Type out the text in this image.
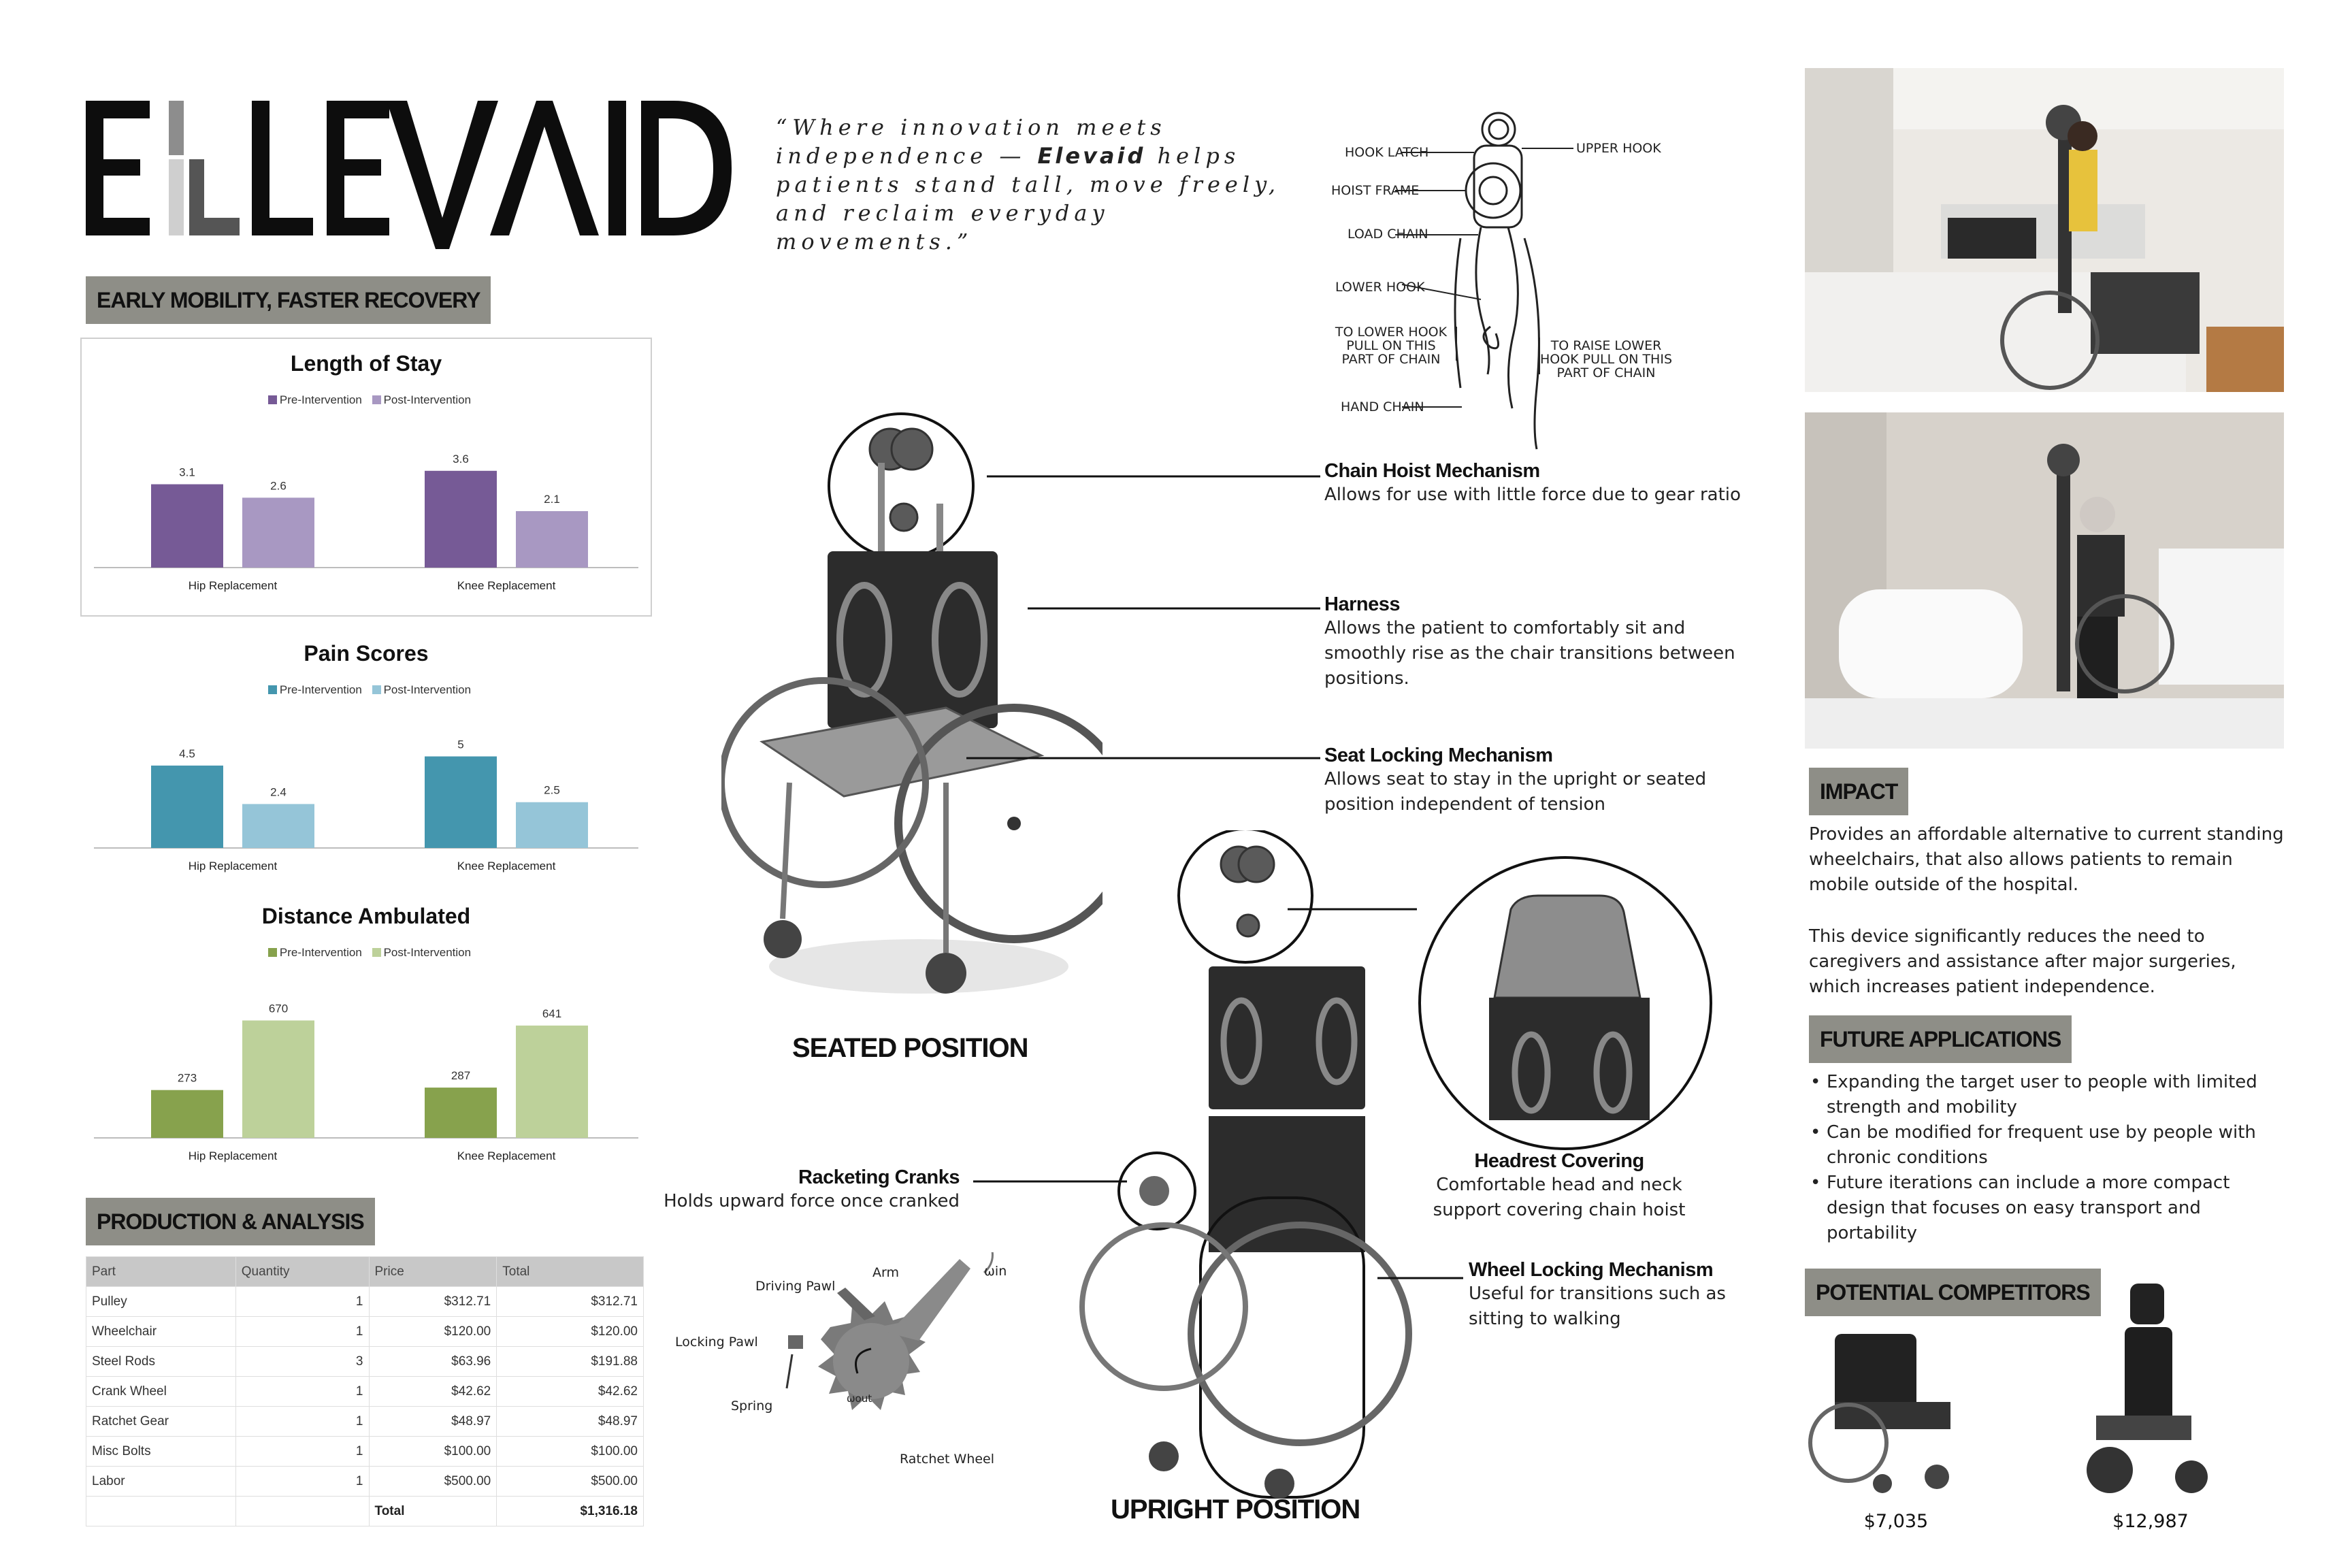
“Where innovation meets independence — Elevaid helps patients stand tall, move freely, and reclaim everyday movements.”
EARLY MOBILITY, FASTER RECOVERY
Length of Stay
Pre-Intervention Post-Intervention
3.1
2.6
Hip Replacement
3.6
2.1
Knee Replacement
Pain Scores
Pre-Intervention Post-Intervention
4.5
2.4
Hip Replacement
5
2.5
Knee Replacement
Distance Ambulated
Pre-Intervention Post-Intervention
273
670
Hip Replacement
287
641
Knee Replacement
PRODUCTION & ANALYSIS
Part	Quantity	Price	Total
Pulley	1	$312.71	$312.71
Wheelchair	1	$120.00	$120.00
Steel Rods	3	$63.96	$191.88
Crank Wheel	1	$42.62	$42.62
Ratchet Gear	1	$48.97	$48.97
Misc Bolts	1	$100.00	$100.00
Labor	1	$500.00	$500.00
		Total	$1,316.18
HOOK LATCH	UPPER HOOK
HOIST FRAME
LOAD CHAIN
LOWER HOOK
TO LOWER HOOK
PULL ON THIS
PART OF CHAIN
TO RAISE LOWER
HOOK PULL ON THIS
PART OF CHAIN
HAND CHAIN
Driving Pawl
Arm	ωin
Locking Pawl
Spring	ωout
Ratchet Wheel
Chain Hoist Mechanism
Allows for use with little force due to gear ratio
Harness
Allows the patient to comfortably sit and smoothly rise as the chair transitions between positions.
Seat Locking Mechanism
Allows seat to stay in the upright or seated position independent of tension
Racketing Cranks
Holds upward force once cranked
Headrest Covering
Comfortable head and neck support covering chain hoist
Wheel Locking Mechanism
Useful for transitions such as sitting to walking
SEATED POSITION
UPRIGHT POSITION
IMPACT
Provides an affordable alternative to current standing wheelchairs, that also allows patients to remain mobile outside of the hospital.
This device significantly reduces the need to caregivers and assistance after major surgeries, which increases patient independence.
FUTURE APPLICATIONS
• Expanding the target user to people with limited strength and mobility
• Can be modified for frequent use by people with chronic conditions
• Future iterations can include a more compact design that focuses on easy transport and portability
POTENTIAL COMPETITORS
$7,035	$12,987
